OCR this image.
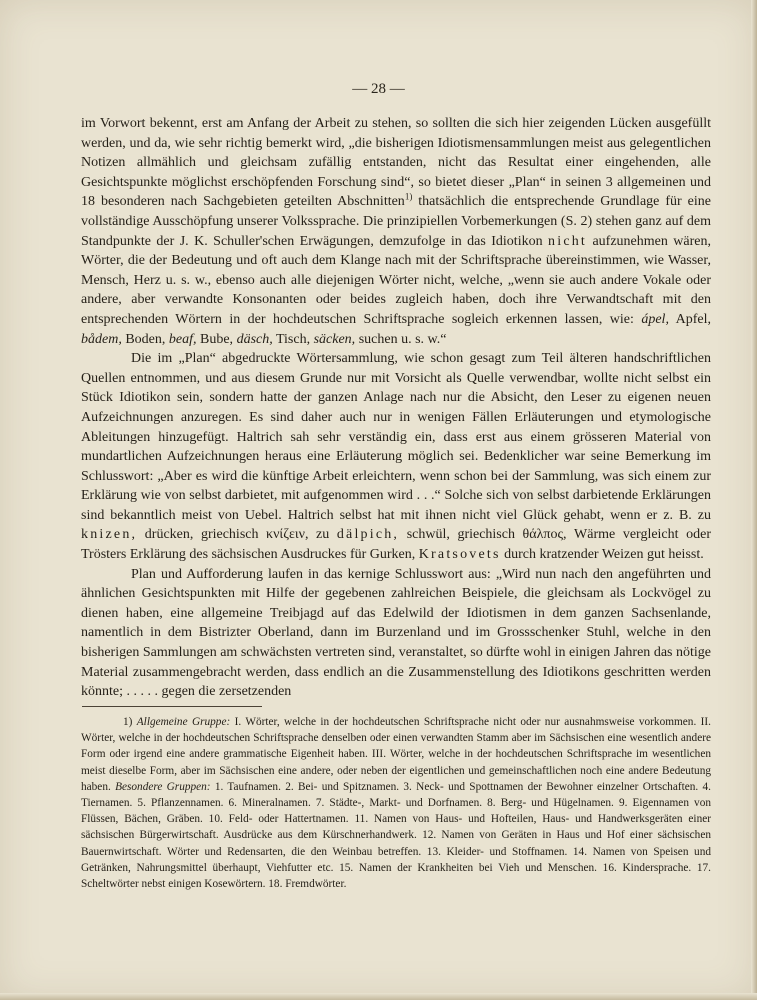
— 28 —

im Vorwort bekennt, erst am Anfang der Arbeit zu stehen, so sollten die sich hier zeigenden Lücken ausgefüllt werden, und da, wie sehr richtig bemerkt wird, „die bisherigen Idiotismensammlungen meist aus gelegentlichen Notizen allmählich und gleichsam zufällig entstanden, nicht das Resultat einer eingehenden, alle Gesichtspunkte möglichst erschöpfenden Forschung sind“, so bietet dieser „Plan“ in seinen 3 allgemeinen und 18 besonderen nach Sachgebieten geteilten Abschnitten$^{1)}$ thatsächlich die entsprechende Grundlage für eine vollständige Ausschöpfung unserer Volkssprache. Die prinzipiellen Vorbemerkungen (S. 2) stehen ganz auf dem Standpunkte der J. K. Schuller'schen Erwägungen, demzufolge in das Idiotikon nicht aufzunehmen wären, Wörter, die der Bedeutung und oft auch dem Klange nach mit der Schriftsprache übereinstimmen, wie Wasser, Mensch, Herz u. s. w., ebenso auch alle diejenigen Wörter nicht, welche, „wenn sie auch andere Vokale oder andere, aber verwandte Konsonanten oder beides zugleich haben, doch ihre Verwandtschaft mit den entsprechenden Wörtern in der hochdeutschen Schriftsprache sogleich erkennen lassen, wie: ápel, Apfel, bådem, Boden, beaf, Bube, däsch, Tisch, säcken, suchen u. s. w.“

Die im „Plan“ abgedruckte Wörtersammlung, wie schon gesagt zum Teil älteren handschriftlichen Quellen entnommen, und aus diesem Grunde nur mit Vorsicht als Quelle verwendbar, wollte nicht selbst ein Stück Idiotikon sein, sondern hatte der ganzen Anlage nach nur die Absicht, den Leser zu eigenen neuen Aufzeichnungen anzuregen. Es sind daher auch nur in wenigen Fällen Erläuterungen und etymologische Ableitungen hinzugefügt. Haltrich sah sehr verständig ein, dass erst aus einem grösseren Material von mundartlichen Aufzeichnungen heraus eine Erläuterung möglich sei. Bedenklicher war seine Bemerkung im Schlusswort: „Aber es wird die künftige Arbeit erleichtern, wenn schon bei der Sammlung, was sich einem zur Erklärung wie von selbst darbietet, mit aufgenommen wird . . .“ Solche sich von selbst darbietende Erklärungen sind bekanntlich meist von Uebel. Haltrich selbst hat mit ihnen nicht viel Glück gehabt, wenn er z. B. zu knizen, drücken, griechisch κνίζειν, zu dälpich, schwül, griechisch θάλπος, Wärme vergleicht oder Trösters Erklärung des sächsischen Ausdruckes für Gurken, Kratsovets durch kratzender Weizen gut heisst.

Plan und Aufforderung laufen in das kernige Schlusswort aus: „Wird nun nach den angeführten und ähnlichen Gesichtspunkten mit Hilfe der gegebenen zahlreichen Beispiele, die gleichsam als Lockvögel zu dienen haben, eine allgemeine Treibjagd auf das Edelwild der Idiotismen in dem ganzen Sachsenlande, namentlich in dem Bistrizter Oberland, dann im Burzenland und im Grossschenker Stuhl, welche in den bisherigen Sammlungen am schwächsten vertreten sind, veranstaltet, so dürfte wohl in einigen Jahren das nötige Material zusammengebracht werden, dass endlich an die Zusammenstellung des Idiotikons geschritten werden könnte; . . . . . gegen die zersetzenden

1) Allgemeine Gruppe: I. Wörter, welche in der hochdeutschen Schriftsprache nicht oder nur ausnahmsweise vorkommen. II. Wörter, welche in der hochdeutschen Schriftsprache denselben oder einen verwandten Stamm aber im Sächsischen eine wesentlich andere Form oder irgend eine andere grammatische Eigenheit haben. III. Wörter, welche in der hochdeutschen Schriftsprache im wesentlichen meist dieselbe Form, aber im Sächsischen eine andere, oder neben der eigentlichen und gemeinschaftlichen noch eine andere Bedeutung haben. Besondere Gruppen: 1. Taufnamen. 2. Bei- und Spitznamen. 3. Neck- und Spottnamen der Bewohner einzelner Ortschaften. 4. Tiernamen. 5. Pflanzennamen. 6. Mineralnamen. 7. Städte-, Markt- und Dorfnamen. 8. Berg- und Hügelnamen. 9. Eigennamen von Flüssen, Bächen, Gräben. 10. Feld- oder Hattertnamen. 11. Namen von Haus- und Hofteilen, Haus- und Handwerksgeräten einer sächsischen Bürgerwirtschaft. Ausdrücke aus dem Kürschnerhandwerk. 12. Namen von Geräten in Haus und Hof einer sächsischen Bauernwirtschaft. Wörter und Redensarten, die den Weinbau betreffen. 13. Kleider- und Stoffnamen. 14. Namen von Speisen und Getränken, Nahrungsmittel überhaupt, Viehfutter etc. 15. Namen der Krankheiten bei Vieh und Menschen. 16. Kindersprache. 17. Scheltwörter nebst einigen Kosewörtern. 18. Fremdwörter.
